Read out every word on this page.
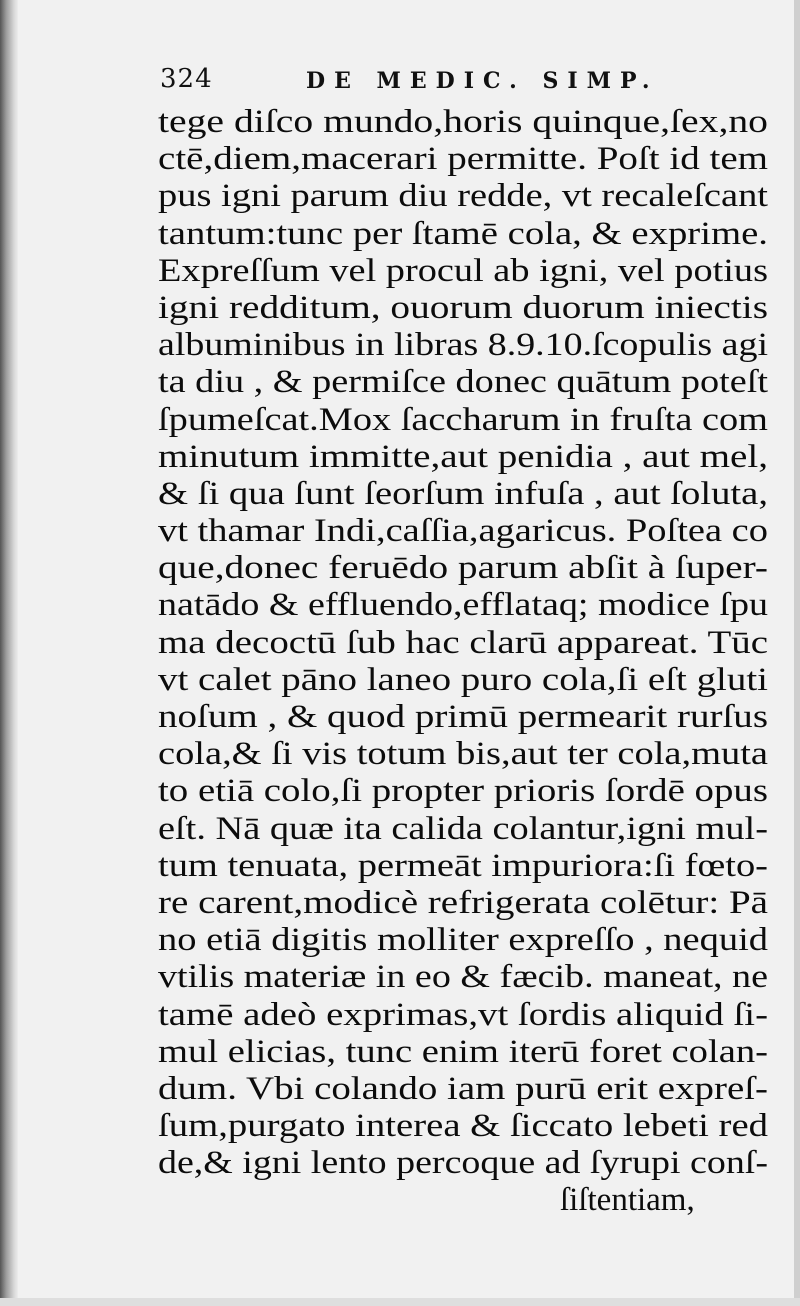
324	DE MEDIC. SIMP.
tege diſco mundo,horis quinque,ſex,no
ctē,diem,macerari permitte. Poſt id tem
pus igni parum diu redde, vt recaleſcant
tantum:tunc per ſtamē cola, & exprime.
Expreſſum vel procul ab igni, vel potius
igni redditum, ouorum duorum iniectis
albuminibus in libras 8.9.10.ſcopulis agi
ta diu , & permiſce donec quātum poteſt
ſpumeſcat.Mox ſaccharum in fruſta com
minutum immitte,aut penidia , aut mel,
& ſi qua ſunt ſeorſum infuſa , aut ſoluta,
vt thamar Indi,caſſia,agaricus. Poſtea co
que,donec feruēdo parum abſit à ſuper-
natādo & effluendo,efflataq; modice ſpu
ma decoctū ſub hac clarū appareat. Tūc
vt calet pāno laneo puro cola,ſi eſt gluti
noſum , & quod primū permearit rurſus
cola,& ſi vis totum bis,aut ter cola,muta
to etiā colo,ſi propter prioris ſordē opus
eſt. Nā quæ ita calida colantur,igni mul-
tum tenuata, permeāt impuriora:ſi fœto-
re carent,modicè refrigerata colētur: Pā
no etiā digitis molliter expreſſo , nequid
vtilis materiæ in eo & fæcib. maneat, ne
tamē adeò exprimas,vt ſordis aliquid ſi-
mul elicias, tunc enim iterū foret colan-
dum. Vbi colando iam purū erit expreſ-
ſum,purgato interea & ſiccato lebeti red
de,& igni lento percoque ad ſyrupi conſ-
ſiſtentiam,
